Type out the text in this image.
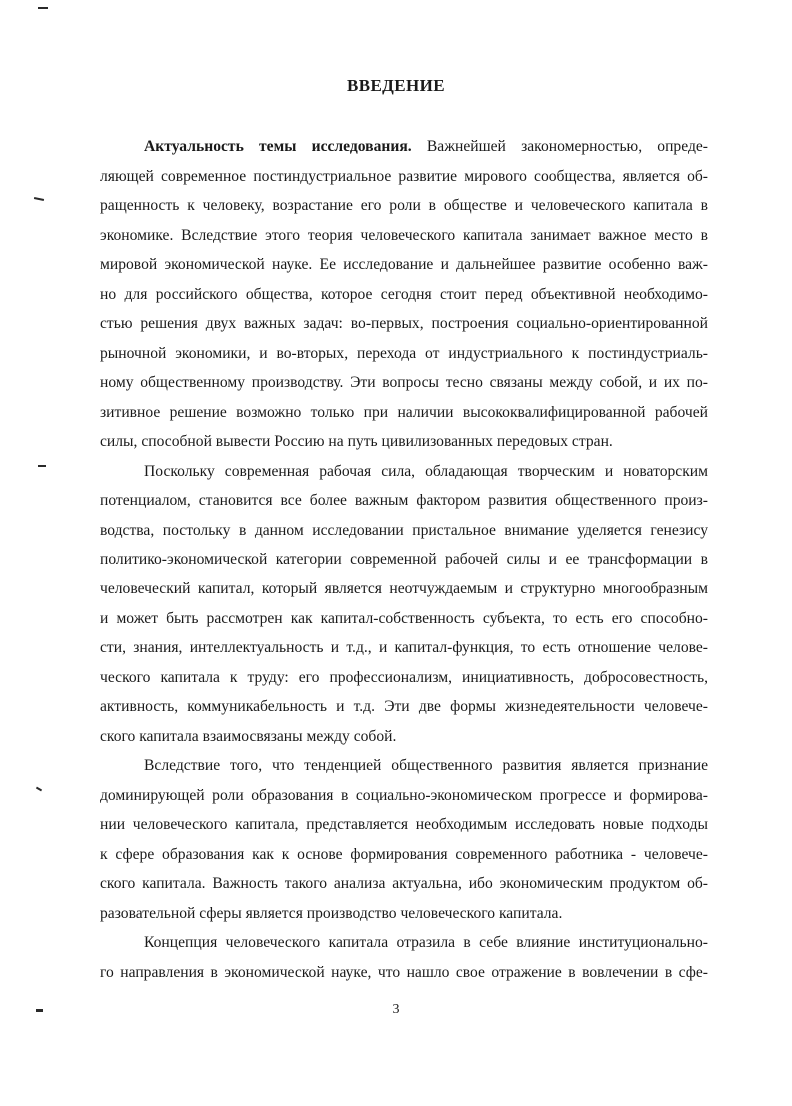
ВВЕДЕНИЕ
Актуальность темы исследования. Важнейшей закономерностью, опреде-
ляющей современное постиндустриальное развитие мирового сообщества, является об-
ращенность к человеку, возрастание его роли в обществе и человеческого капитала в
экономике. Вследствие этого теория человеческого капитала занимает важное место в
мировой экономической науке. Ее исследование и дальнейшее развитие особенно важ-
но для российского общества, которое сегодня стоит перед объективной необходимо-
стью решения двух важных задач: во-первых, построения социально-ориентированной
рыночной экономики, и во-вторых, перехода от индустриального к постиндустриаль-
ному общественному производству. Эти вопросы тесно связаны между собой, и их по-
зитивное решение возможно только при наличии высококвалифицированной рабочей
силы, способной вывести Россию на путь цивилизованных передовых стран.
Поскольку современная рабочая сила, обладающая творческим и новаторским
потенциалом, становится все более важным фактором развития общественного произ-
водства, постольку в данном исследовании пристальное внимание уделяется генезису
политико-экономической категории современной рабочей силы и ее трансформации в
человеческий капитал, который является неотчуждаемым и структурно многообразным
и может быть рассмотрен как капитал-собственность субъекта, то есть его способно-
сти, знания, интеллектуальность и т.д., и капитал-функция, то есть отношение челове-
ческого капитала к труду: его профессионализм, инициативность, добросовестность,
активность, коммуникабельность и т.д. Эти две формы жизнедеятельности человече-
ского капитала взаимосвязаны между собой.
Вследствие того, что тенденцией общественного развития является признание
доминирующей роли образования в социально-экономическом прогрессе и формирова-
нии человеческого капитала, представляется необходимым исследовать новые подходы
к сфере образования как к основе формирования современного работника - человече-
ского капитала. Важность такого анализа актуальна, ибо экономическим продуктом об-
разовательной сферы является производство человеческого капитала.
Концепция человеческого капитала отразила в себе влияние институционально-
го направления в экономической науке, что нашло свое отражение в вовлечении в сфе-
3
